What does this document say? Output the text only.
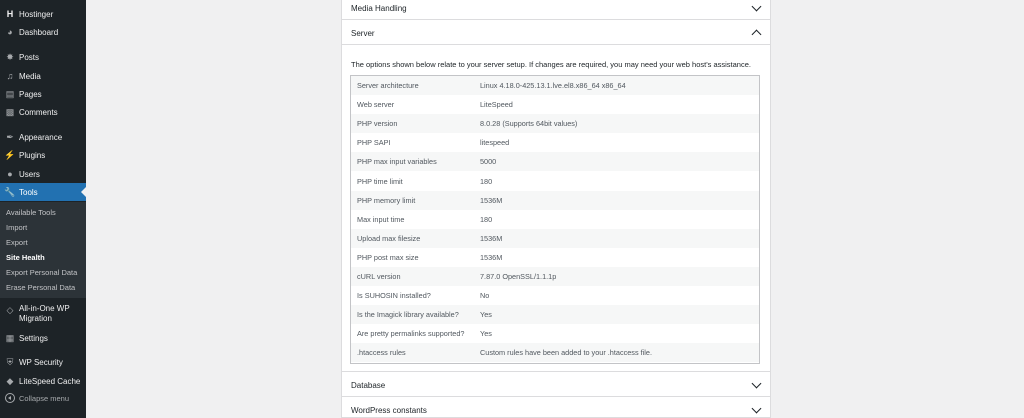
H Hostinger
◕ Dashboard
✸ Posts
♫ Media
▤ Pages
▩ Comments
✒ Appearance
⚡ Plugins
● Users
🔧 Tools
Available Tools
Import
Export
Site Health
Export Personal Data
Erase Personal Data
◇ All-in-One WP Migration
▦ Settings
⛨ WP Security
◆ LiteSpeed Cache
Collapse menu
Media Handling
Server
Database
WordPress constants
The options shown below relate to your server setup. If changes are required, you may need your web host's assistance.
Server architecture	Linux 4.18.0-425.13.1.lve.el8.x86_64 x86_64
Web server	LiteSpeed
PHP version	8.0.28 (Supports 64bit values)
PHP SAPI	litespeed
PHP max input variables	5000
PHP time limit	180
PHP memory limit	1536M
Max input time	180
Upload max filesize	1536M
PHP post max size	1536M
cURL version	7.87.0 OpenSSL/1.1.1p
Is SUHOSIN installed?	No
Is the Imagick library available?	Yes
Are pretty permalinks supported? Yes
.htaccess rules	Custom rules have been added to your .htaccess file.
